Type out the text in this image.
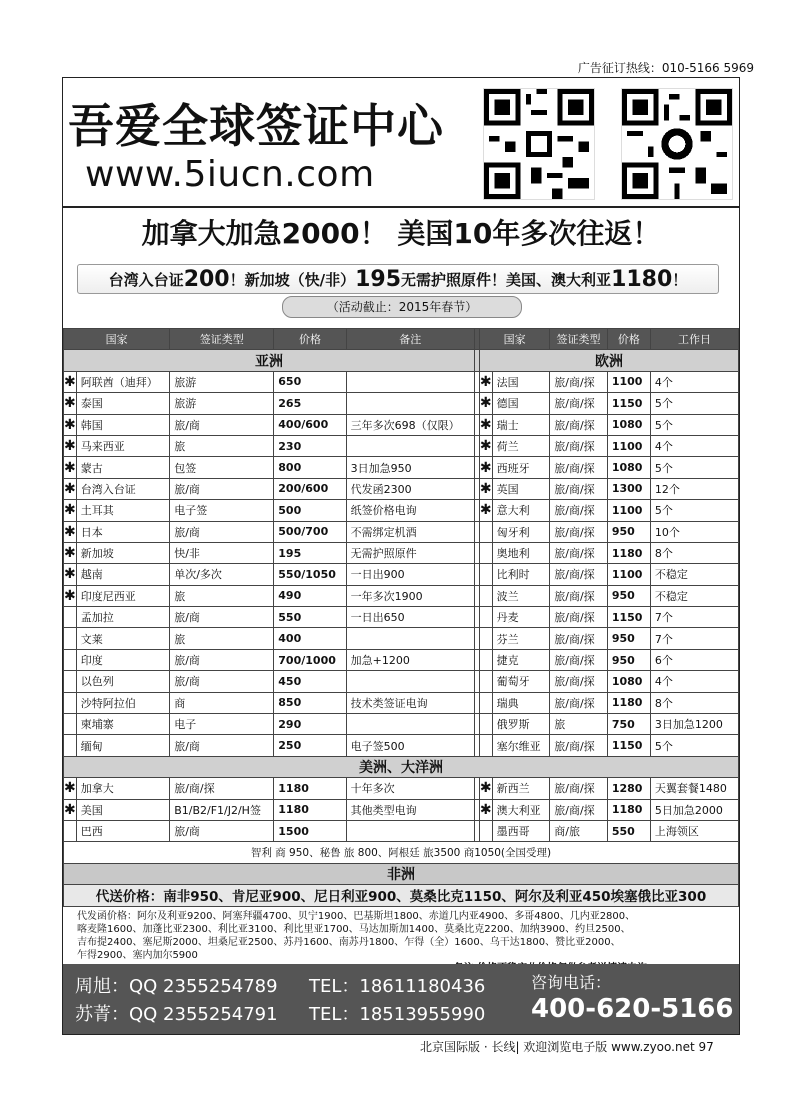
广告征订热线：010-5166 5969
吾爱全球签证中心
www.5iucn.com
加拿大加急2000！ 美国10年多次往返！
台湾入台证 200 ！新加坡（快/非） 195 无需护照原件！美国、澳大利亚 1180 ！
（活动截止：2015年春节）
国家		签证类型	价格	备注		国家		签证类型	价格	工作日
亚洲						欧洲				
✱	阿联酋（迪拜）	旅游	650			✱	法国	旅/商/探	1100	4个
✱	泰国	旅游	265			✱	德国	旅/商/探	1150	5个
✱	韩国	旅/商	400/600	三年多次698（仅限）		✱	瑞士	旅/商/探	1080	5个
✱	马来西亚	旅	230			✱	荷兰	旅/商/探	1100	4个
✱	蒙古	包签	800	3日加急950		✱	西班牙	旅/商/探	1080	5个
✱	台湾入台证	旅/商	200/600	代发函2300		✱	英国	旅/商/探	1300	12个
✱	土耳其	电子签	500	纸签价格电询		✱	意大利	旅/商/探	1100	5个
✱	日本	旅/商	500/700	不需绑定机酒			匈牙利	旅/商/探	950	10个
✱	新加坡	快/非	195	无需护照原件			奥地利	旅/商/探	1180	8个
✱	越南	单次/多次	550/1050	一日出900			比利时	旅/商/探	1100	不稳定
✱	印度尼西亚	旅	490	一年多次1900			波兰	旅/商/探	950	不稳定
	孟加拉	旅/商	550	一日出650			丹麦	旅/商/探	1150	7个
	文莱	旅	400				芬兰	旅/商/探	950	7个
	印度	旅/商	700/1000	加急+1200			捷克	旅/商/探	950	6个
	以色列	旅/商	450				葡萄牙	旅/商/探	1080	4个
	沙特阿拉伯	商	850	技术类签证电询			瑞典	旅/商/探	1180	8个
	柬埔寨	电子	290				俄罗斯	旅	750	3日加急1200
	缅甸	旅/商	250	电子签500			塞尔维亚	旅/商/探	1150	5个
美洲、大洋洲										
✱	加拿大	旅/商/探	1180	十年多次		✱	新西兰	旅/商/探	1280	天翼套餐1480
✱	美国	B1/B2/F1/J2/H签	1180	其他类型电询		✱	澳大利亚	旅/商/探	1180	5日加急2000
	巴西	旅/商	1500				墨西哥	商/旅	550	上海领区
智利 商 950、秘鲁 旅 800、阿根廷 旅3500 商1050(全国受理)										
非洲										
代送价格：南非950、肯尼亚900、尼日利亚900、莫桑比克1150、阿尔及利亚450埃塞俄比亚300										
代发函价格：阿尔及利亚9200、阿塞拜疆4700、贝宁1900、巴基斯坦1800、赤道几内亚4900、多哥4800、几内亚2800、
喀麦隆1600、加蓬比亚2300、利比亚3100、利比里亚1700、马达加斯加1400、莫桑比克2200、加纳3900、约旦2500、
吉布提2400、塞尼斯2000、坦桑尼亚2500、苏丹1600、南苏丹1800、乍得（全）1600、乌干达1800、赞比亚2000、
乍得2900、塞内加尔5900
周旭：QQ 2355254789 TEL：18611180436
苏菁：QQ 2355254791 TEL：18513955990
咨询电话：
400-620-5166
北京国际版 · 长线| 欢迎浏览电子版 www.zyoo.net 97
